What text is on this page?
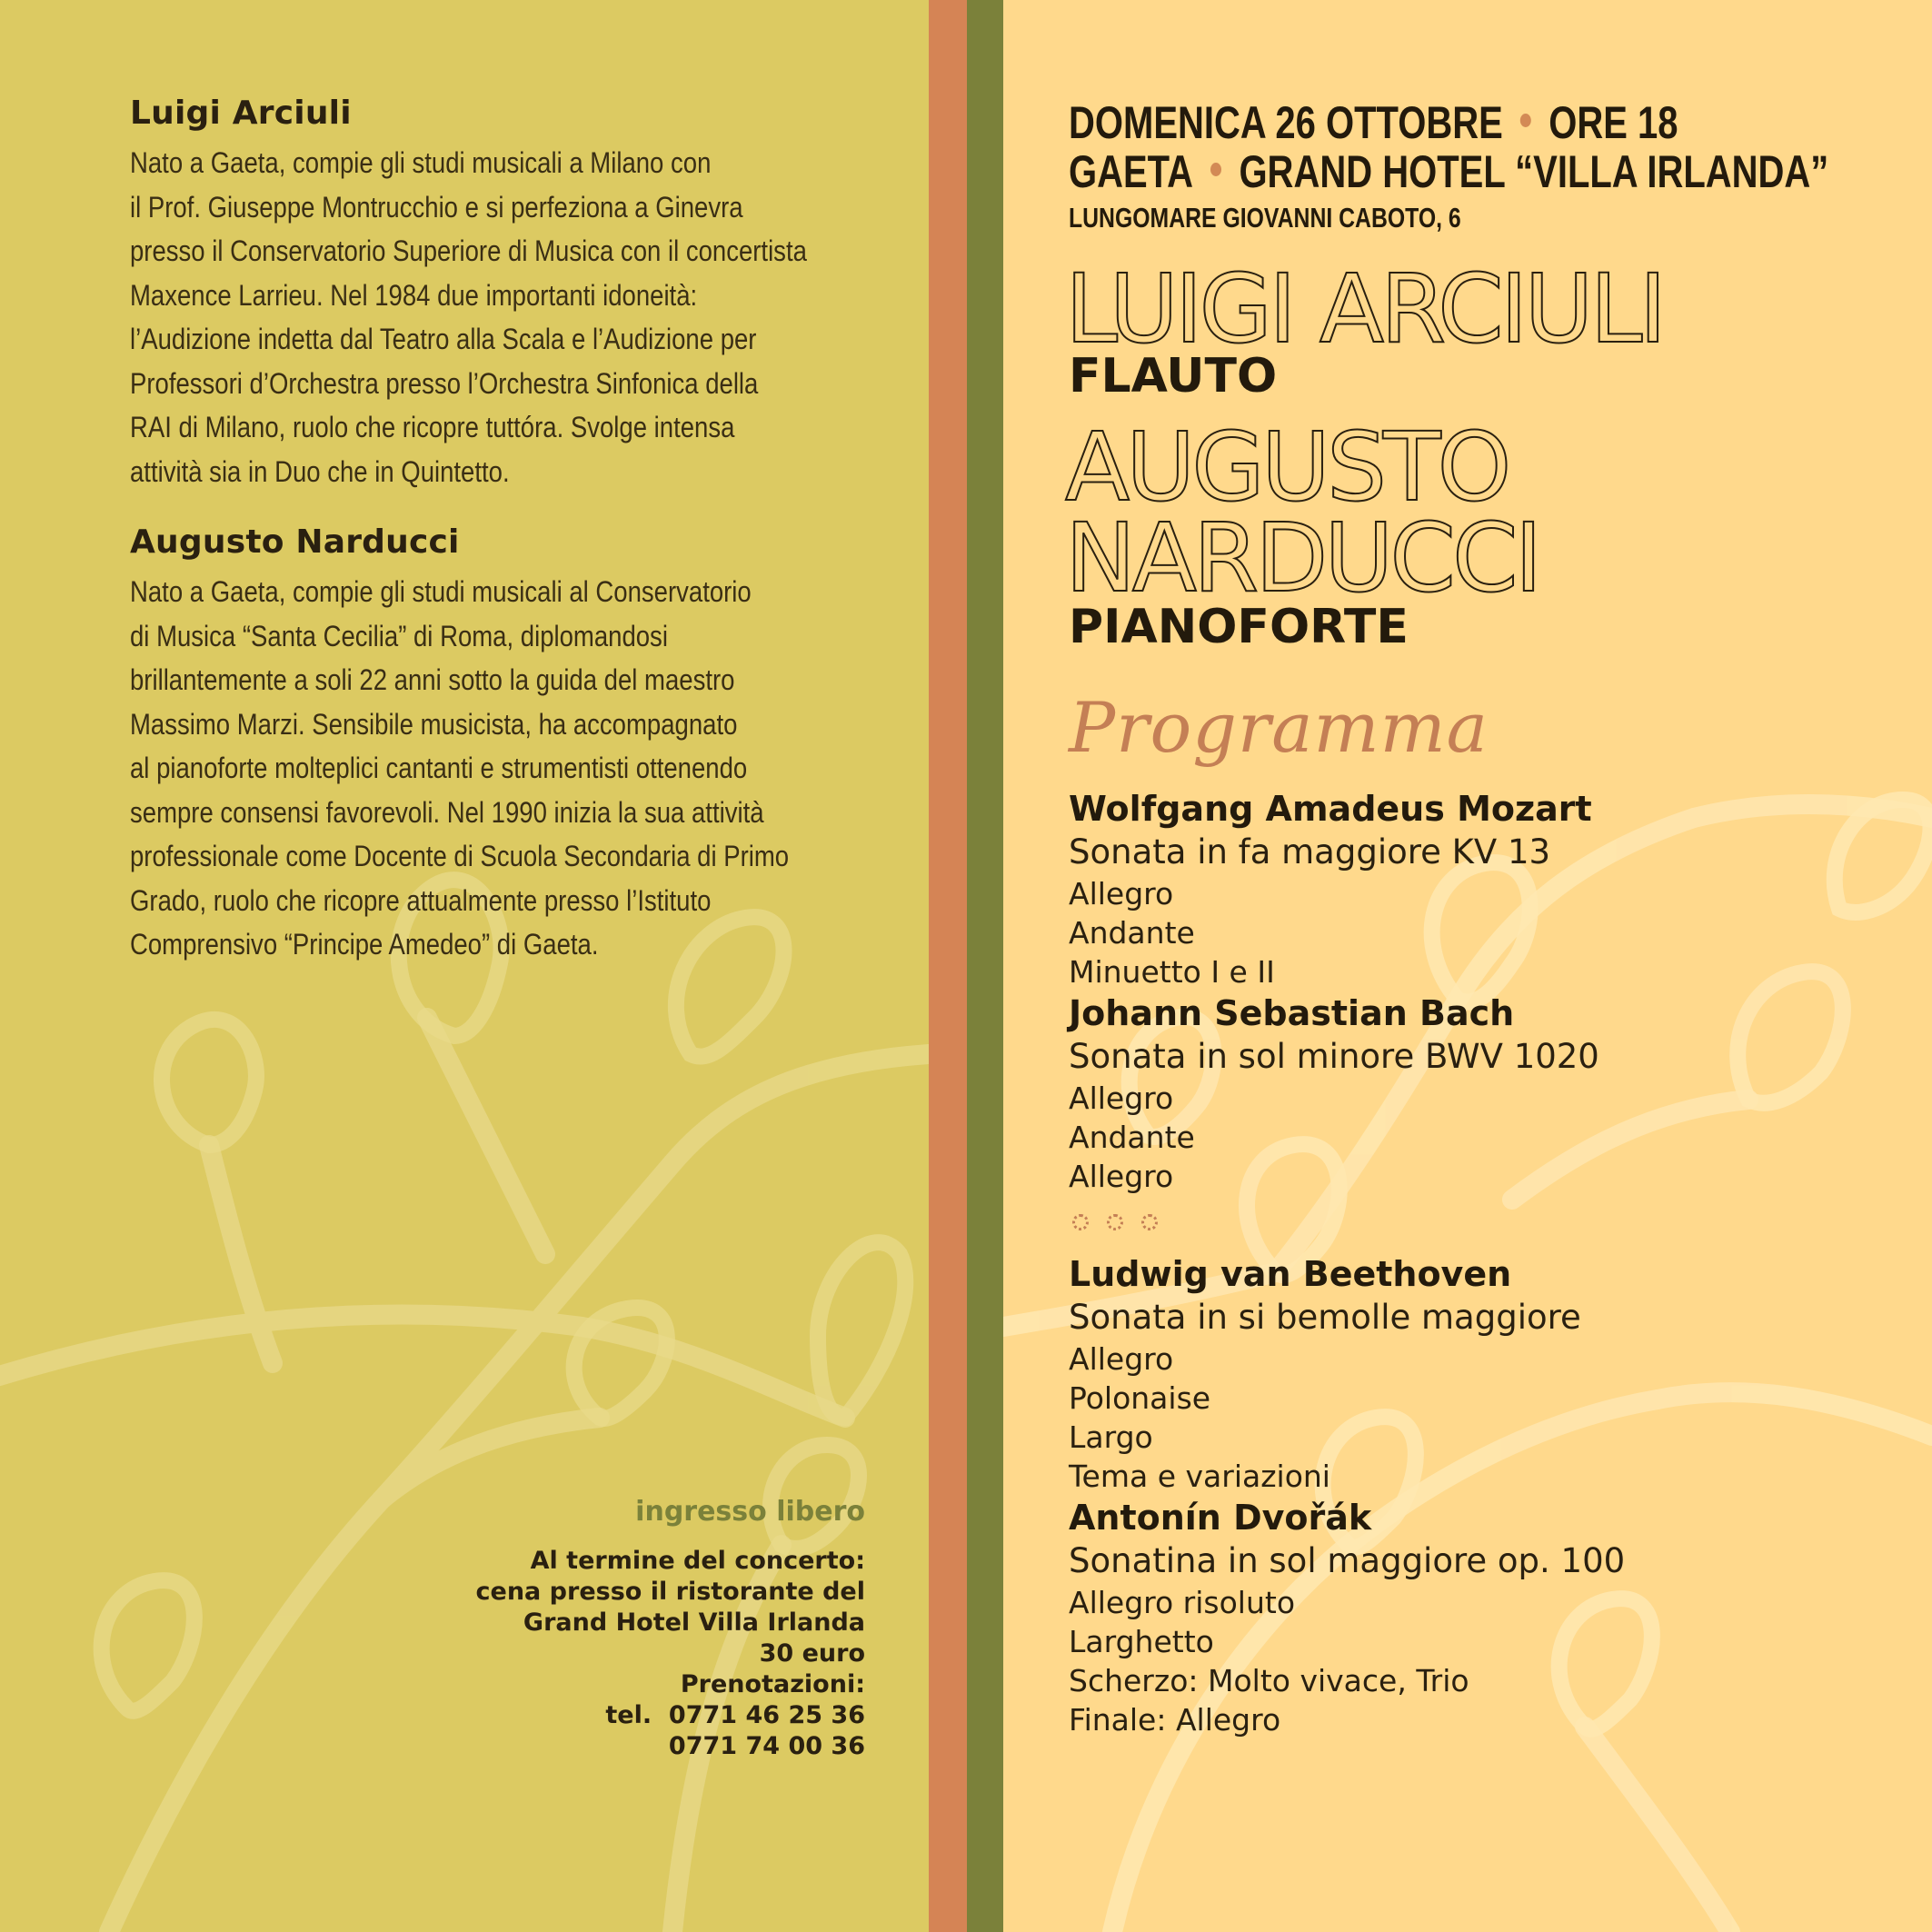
Luigi Arciuli
Nato a Gaeta, compie gli studi musicali a Milano con
il Prof. Giuseppe Montrucchio e si perfeziona a Ginevra
presso il Conservatorio Superiore di Musica con il concertista
Maxence Larrieu. Nel 1984 due importanti idoneità:
l’Audizione indetta dal Teatro alla Scala e l’Audizione per
Professori d’Orchestra presso l’Orchestra Sinfonica della
RAI di Milano, ruolo che ricopre tuttóra. Svolge intensa
attività sia in Duo che in Quintetto.
Augusto Narducci
Nato a Gaeta, compie gli studi musicali al Conservatorio
di Musica “Santa Cecilia” di Roma, diplomandosi
brillantemente a soli 22 anni sotto la guida del maestro
Massimo Marzi. Sensibile musicista, ha accompagnato
al pianoforte molteplici cantanti e strumentisti ottenendo
sempre consensi favorevoli. Nel 1990 inizia la sua attività
professionale come Docente di Scuola Secondaria di Primo
Grado, ruolo che ricopre attualmente presso l’Istituto
Comprensivo “Principe Amedeo” di Gaeta.
ingresso libero
Al termine del concerto:
cena presso il ristorante del
Grand Hotel Villa Irlanda
30 euro
Prenotazioni:
tel.  0771 46 25 36
0771 74 00 36
DOMENICA 26 OTTOBRE ORE 18
GAETA GRAND HOTEL “VILLA IRLANDA”
LUNGOMARE GIOVANNI CABOTO, 6
LUIGI ARCIULI
FLAUTO
AUGUSTO
NARDUCCI
PIANOFORTE
Programma
Wolfgang Amadeus Mozart
Sonata in fa maggiore KV 13
Allegro
Andante
Minuetto I e II
Johann Sebastian Bach
Sonata in sol minore BWV 1020
Allegro
Andante
Allegro
Ludwig van Beethoven
Sonata in si bemolle maggiore
Allegro
Polonaise
Largo
Tema e variazioni
Antonín Dvořák
Sonatina in sol maggiore op. 100
Allegro risoluto
Larghetto
Scherzo: Molto vivace, Trio
Finale: Allegro
